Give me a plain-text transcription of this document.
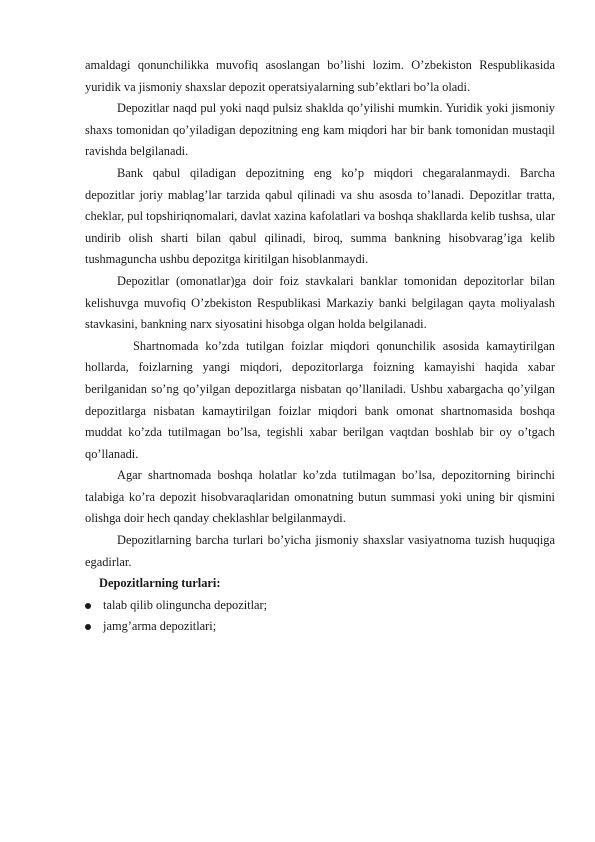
amaldagi qonunchilikka muvofiq asoslangan bo’lishi lozim. O’zbekiston Respublikasida yuridik va jismoniy shaxslar depozit operatsiyalarning sub’ektlari bo’la oladi.

Depozitlar naqd pul yoki naqd pulsiz shaklda qo’yilishi mumkin. Yuridik yoki jismoniy shaxs tomonidan qo’yiladigan depozitning eng kam miqdori har bir bank tomonidan mustaqil ravishda belgilanadi.

Bank qabul qiladigan depozitning eng ko’p miqdori chegaralanmaydi. Barcha depozitlar joriy mablag’lar tarzida qabul qilinadi va shu asosda to’lanadi. Depozitlar tratta, cheklar, pul topshiriqnomalari, davlat xazina kafolatlari va boshqa shakllarda kelib tushsa, ular undirib olish sharti bilan qabul qilinadi, biroq, summa bankning hisobvarag’iga kelib tushmaguncha ushbu depozitga kiritilgan hisoblanmaydi.

Depozitlar (omonatlar)ga doir foiz stavkalari banklar tomonidan depozitorlar bilan kelishuvga muvofiq O’zbekiston Respublikasi Markaziy banki belgilagan qayta moliyalash stavkasini, bankning narx siyosatini hisobga olgan holda belgilanadi.

Shartnomada ko’zda tutilgan foizlar miqdori qonunchilik asosida kamaytirilgan hollarda, foizlarning yangi miqdori, depozitorlarga foizning kamayishi haqida xabar berilganidan so’ng qo’yilgan depozitlarga nisbatan qo’llaniladi. Ushbu xabargacha qo’yilgan depozitlarga nisbatan kamaytirilgan foizlar miqdori bank omonat shartnomasida boshqa muddat ko’zda tutilmagan bo’lsa, tegishli xabar berilgan vaqtdan boshlab bir oy o’tgach qo’llanadi.

Agar shartnomada boshqa holatlar ko’zda tutilmagan bo’lsa, depozitorning birinchi talabiga ko’ra depozit hisobvaraqlaridan omonatning butun summasi yoki uning bir qismini olishga doir hech qanday cheklashlar belgilanmaydi.

Depozitlarning barcha turlari bo’yicha jismoniy shaxslar vasiyatnoma tuzish huquqiga egadirlar.

Depozitlarning turlari:

talab qilib olinguncha depozitlar;
jamg’arma depozitlari;
